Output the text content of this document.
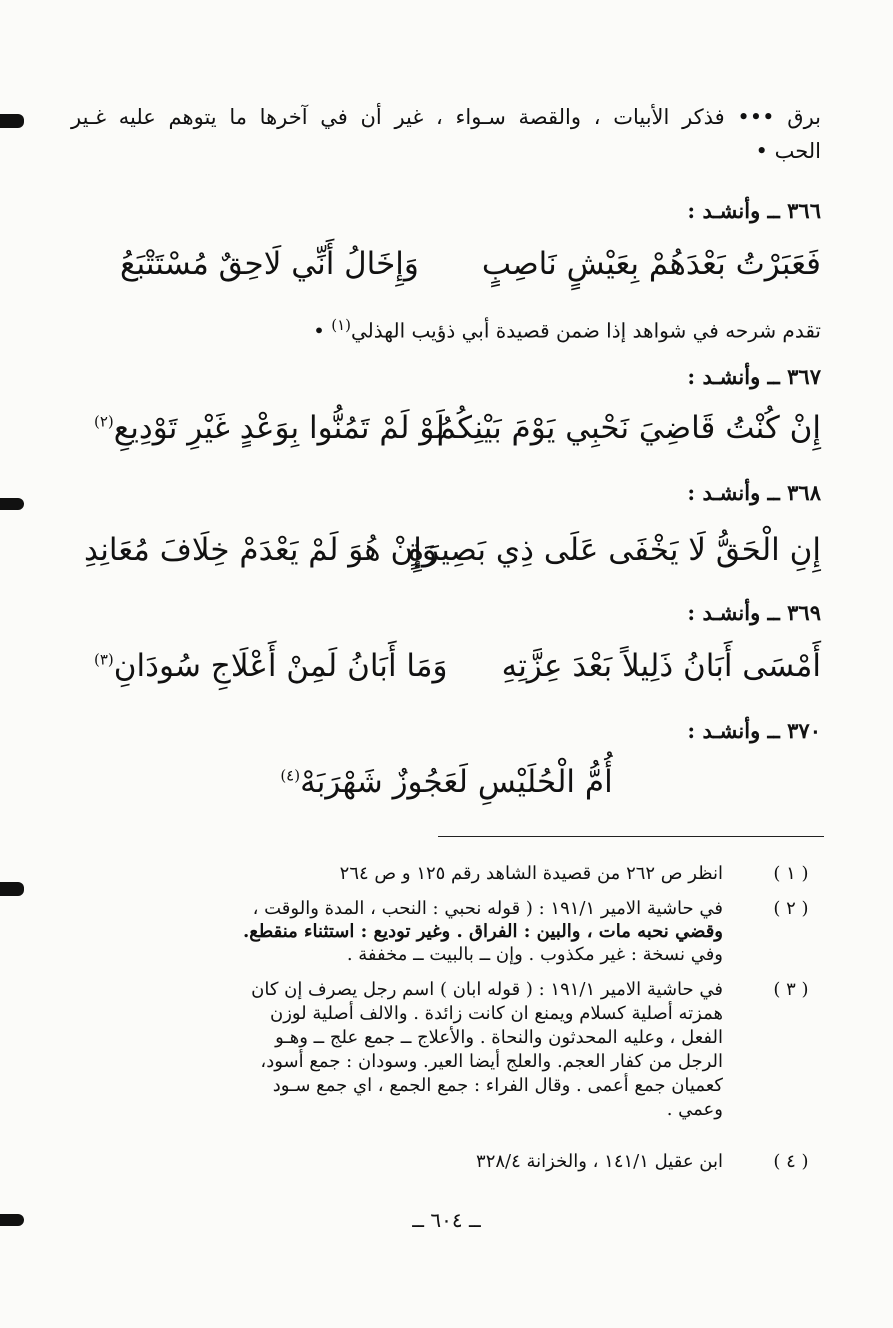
برق ••• فذكر الأبيات ، والقصة سـواء ، غير أن في آخرها ما يتوهم عليه غـير

الحب •

٣٦٦ ــ وأنشـد :
فَعَبَرْتُ بَعْدَهُمْ بِعَيْشٍ نَاصِبٍ
وَإِخَالُ أَنِّي لَاحِقٌ مُسْتَتْبَعُ
تقدم شرحه في شواهد إذا ضمن قصيدة أبي ذؤيب الهذلي$^{(١)}$ •
٣٦٧ ــ وأنشـد :
إِنْ كُنْتُ قَاضِيَ نَحْبِي يَوْمَ بَيْنِكُمُ
لَوْ لَمْ تَمُنُّوا بِوَعْدٍ غَيْرِ تَوْدِيعِ$^{(٢)}$
٣٦٨ ــ وأنشـد :
إِنِ الْحَقُّ لَا يَخْفَى عَلَى ذِي بَصِيرَةٍ
وَإِنْ هُوَ لَمْ يَعْدَمْ خِلَافَ مُعَانِدِ
٣٦٩ ــ وأنشـد :
أَمْسَى أَبَانُ ذَلِيلاً بَعْدَ عِزَّتِهِ
وَمَا أَبَانُ لَمِنْ أَعْلَاجِ سُودَانِ$^{(٣)}$
٣٧٠ ــ وأنشـد :
أُمُّ الْحُلَيْسِ لَعَجُوزٌ شَهْرَبَهْ$^{(٤)}$
( ١ )
انظر ص ٢٦٢ من قصيدة الشاهد رقم ١٢٥ و ص ٢٦٤
( ٢ )
في حاشية الامير ١٩١/١ : ( قوله نحبي : النحب ، المدة والوقت ،
وقضي نحبه مات ، والبين : الفراق . وغير توديع : استثناء منقطع.
وفي نسخة : غير مكذوب . وإن ــ بالبيت ــ مخففة .
( ٣ )
في حاشية الامير ١٩١/١ : ( قوله ابان ) اسم رجل يصرف إن كان
همزته أصلية كسلام ويمنع ان كانت زائدة . والالف أصلية لوزن
الفعل ، وعليه المحدثون والنحاة . والأعلاج ــ جمع علج ــ وهـو
الرجل من كفار العجم. والعلج أيضا العير. وسودان : جمع أسود،
كعميان جمع أعمى . وقال الفراء : جمع الجمع ، اي جمع سـود
وعمي .
( ٤ )
ابن عقيل ١٤١/١ ، والخزانة ٣٢٨/٤
ــ ٦٠٤ ــ
